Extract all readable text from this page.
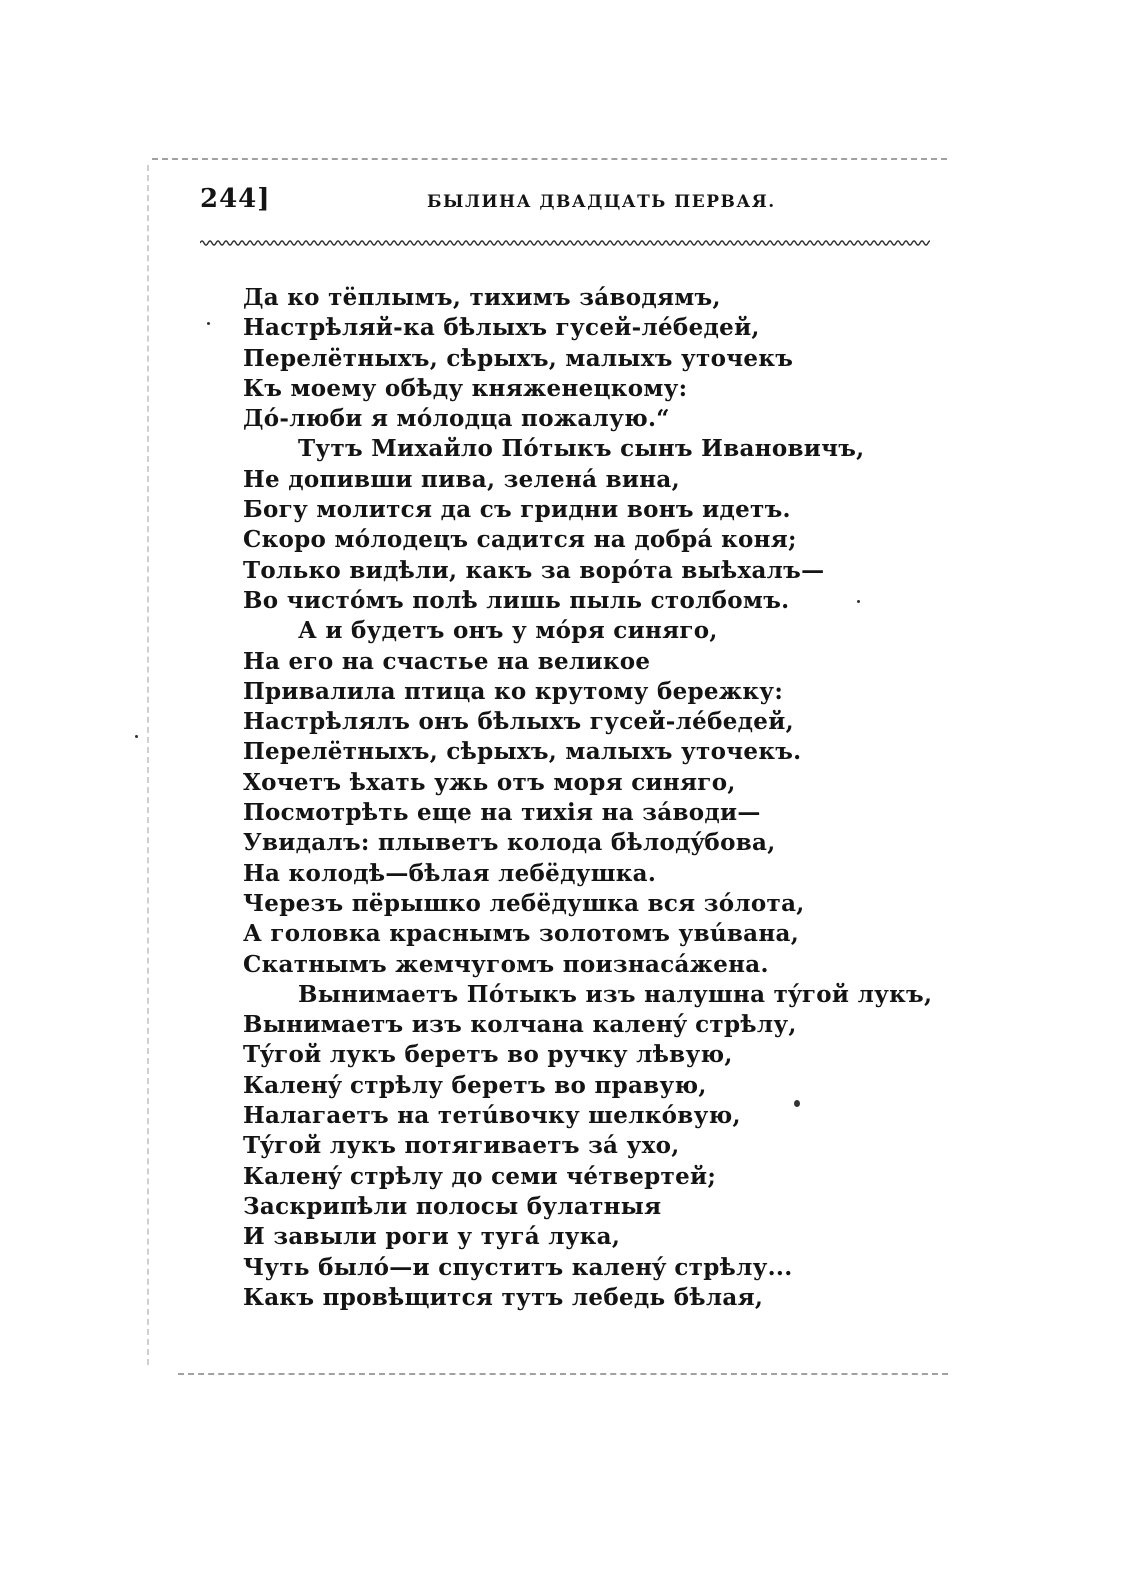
244]	БЫЛИНА ДВАДЦАТЬ ПЕРВАЯ.
Да ко тёплымъ, тихимъ зáводямъ,
Настрѣляй-ка бѣлыхъ гусей-лéбедей,
Перелётныхъ, сѣрыхъ, малыхъ уточекъ
Къ моему обѣду княженецкому:
Дó-люби я мóлодца пожалую.“
Тутъ Михайло Пóтыкъ сынъ Ивановичъ,
Не допивши пива, зеленá вина,
Богу молится да съ гридни вонъ идетъ.
Скоро мóлодецъ садится на добрá коня;
Только видѣли, какъ за ворóта выѣхалъ—
Во чистóмъ полѣ лишь пыль столбомъ.
А и будетъ онъ у мóря синяго,
На его на счастье на великое
Привалила птица ко крутому бережку:
Настрѣлялъ онъ бѣлыхъ гусей-лéбедей,
Перелётныхъ, сѣрыхъ, малыхъ уточекъ.
Хочетъ ѣхать ужь отъ моря синяго,
Посмотрѣть еще на тихія на зáводи—
Увидалъ: плыветъ колода бѣлодýбова,
На колодѣ—бѣлая лебёдушка.
Черезъ пёрышко лебёдушка вся зóлота,
А головка краснымъ золотомъ увúвана,
Скатнымъ жемчугомъ поизнасáжена.
Вынимаетъ Пóтыкъ изъ налушна тýгой лукъ,
Вынимаетъ изъ колчана каленý стрѣлу,
Тýгой лукъ беретъ во ручку лѣвую,
Каленý стрѣлу беретъ во правую,
Налагаетъ на тетúвочку шелкóвую,
Тýгой лукъ потягиваетъ зá ухо,
Каленý стрѣлу до семи чéтвертей;
Заскрипѣли полосы булатныя
И завыли роги у тугá лука,
Чуть былó—и спуститъ каленý стрѣлу...
Какъ провѣщится тутъ лебедь бѣлая,
